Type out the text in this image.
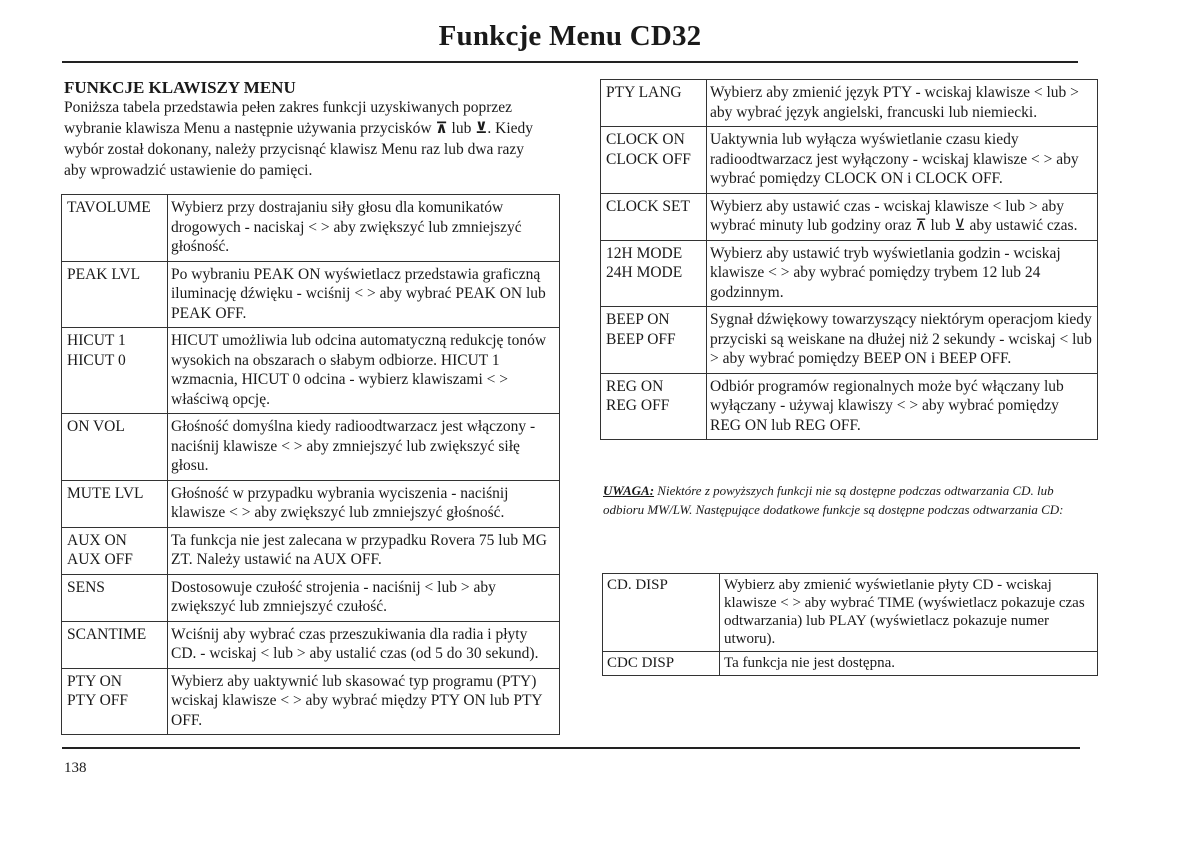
Funkcje Menu CD32
FUNKCJE KLAWISZY MENU

Poniższa tabela przedstawia pełen zakres funkcji uzyskiwanych poprzez wybranie klawisza Menu a następnie używania przycisków ⊼ lub ⊻. Kiedy wybór został dokonany, należy przycisnąć klawisz Menu raz lub dwa razy aby wprowadzić ustawienie do pamięci.

TAVOLUME	Wybierz przy dostrajaniu siły głosu dla komunikatów drogowych - naciskaj < > aby zwiększyć lub zmniejszyć głośność.
PEAK LVL	Po wybraniu PEAK ON wyświetlacz przedstawia graficzną iluminację dźwięku - wciśnij < > aby wybrać PEAK ON lub PEAK OFF.
HICUT 1
HICUT 0	HICUT umożliwia lub odcina automatyczną redukcję tonów wysokich na obszarach o słabym odbiorze. HICUT 1 wzmacnia, HICUT 0 odcina - wybierz klawiszami < > właściwą opcję.
ON VOL	Głośność domyślna kiedy radioodtwarzacz jest włączony - naciśnij klawisze < > aby zmniejszyć lub zwiększyć siłę głosu.
MUTE LVL	Głośność w przypadku wybrania wyciszenia - naciśnij klawisze < > aby zwiększyć lub zmniejszyć głośność.
AUX ON
AUX OFF	Ta funkcja nie jest zalecana w przypadku Rovera 75 lub MG ZT. Należy ustawić na AUX OFF.
SENS	Dostosowuje czułość strojenia - naciśnij < lub > aby zwiększyć lub zmniejszyć czułość.
SCANTIME	Wciśnij aby wybrać czas przeszukiwania dla radia i płyty CD. - wciskaj < lub > aby ustalić czas (od 5 do 30 sekund).
PTY ON
PTY OFF	Wybierz aby uaktywnić lub skasować typ programu (PTY) wciskaj klawisze < > aby wybrać między PTY ON lub PTY OFF.
PTY LANG	Wybierz aby zmienić język PTY - wciskaj klawisze < lub > aby wybrać język angielski, francuski lub niemiecki.
CLOCK ON
CLOCK OFF	Uaktywnia lub wyłącza wyświetlanie czasu kiedy radioodtwarzacz jest wyłączony - wciskaj klawisze < > aby wybrać pomiędzy CLOCK ON i CLOCK OFF.
CLOCK SET	Wybierz aby ustawić czas - wciskaj klawisze < lub > aby wybrać minuty lub godziny oraz ⊼ lub ⊻ aby ustawić czas.
12H MODE
24H MODE	Wybierz aby ustawić tryb wyświetlania godzin - wciskaj klawisze < > aby wybrać pomiędzy trybem 12 lub 24 godzinnym.
BEEP ON
BEEP OFF	Sygnał dźwiękowy towarzyszący niektórym operacjom kiedy przyciski są weiskane na dłużej niż 2 sekundy - wciskaj < lub > aby wybrać pomiędzy BEEP ON i BEEP OFF.
REG ON
REG OFF	Odbiór programów regionalnych może być włączany lub wyłączany - używaj klawiszy < > aby wybrać pomiędzy REG ON lub REG OFF.
UWAGA: Niektóre z powyższych funkcji nie są dostępne podczas odtwarzania CD. lub odbioru MW/LW. Następujące dodatkowe funkcje są dostępne podczas odtwarzania CD:
CD. DISP	Wybierz aby zmienić wyświetlanie płyty CD - wciskaj klawisze < > aby wybrać TIME (wyświetlacz pokazuje czas odtwarzania) lub PLAY (wyświetlacz pokazuje numer utworu).
CDC DISP	Ta funkcja nie jest dostępna.
138
